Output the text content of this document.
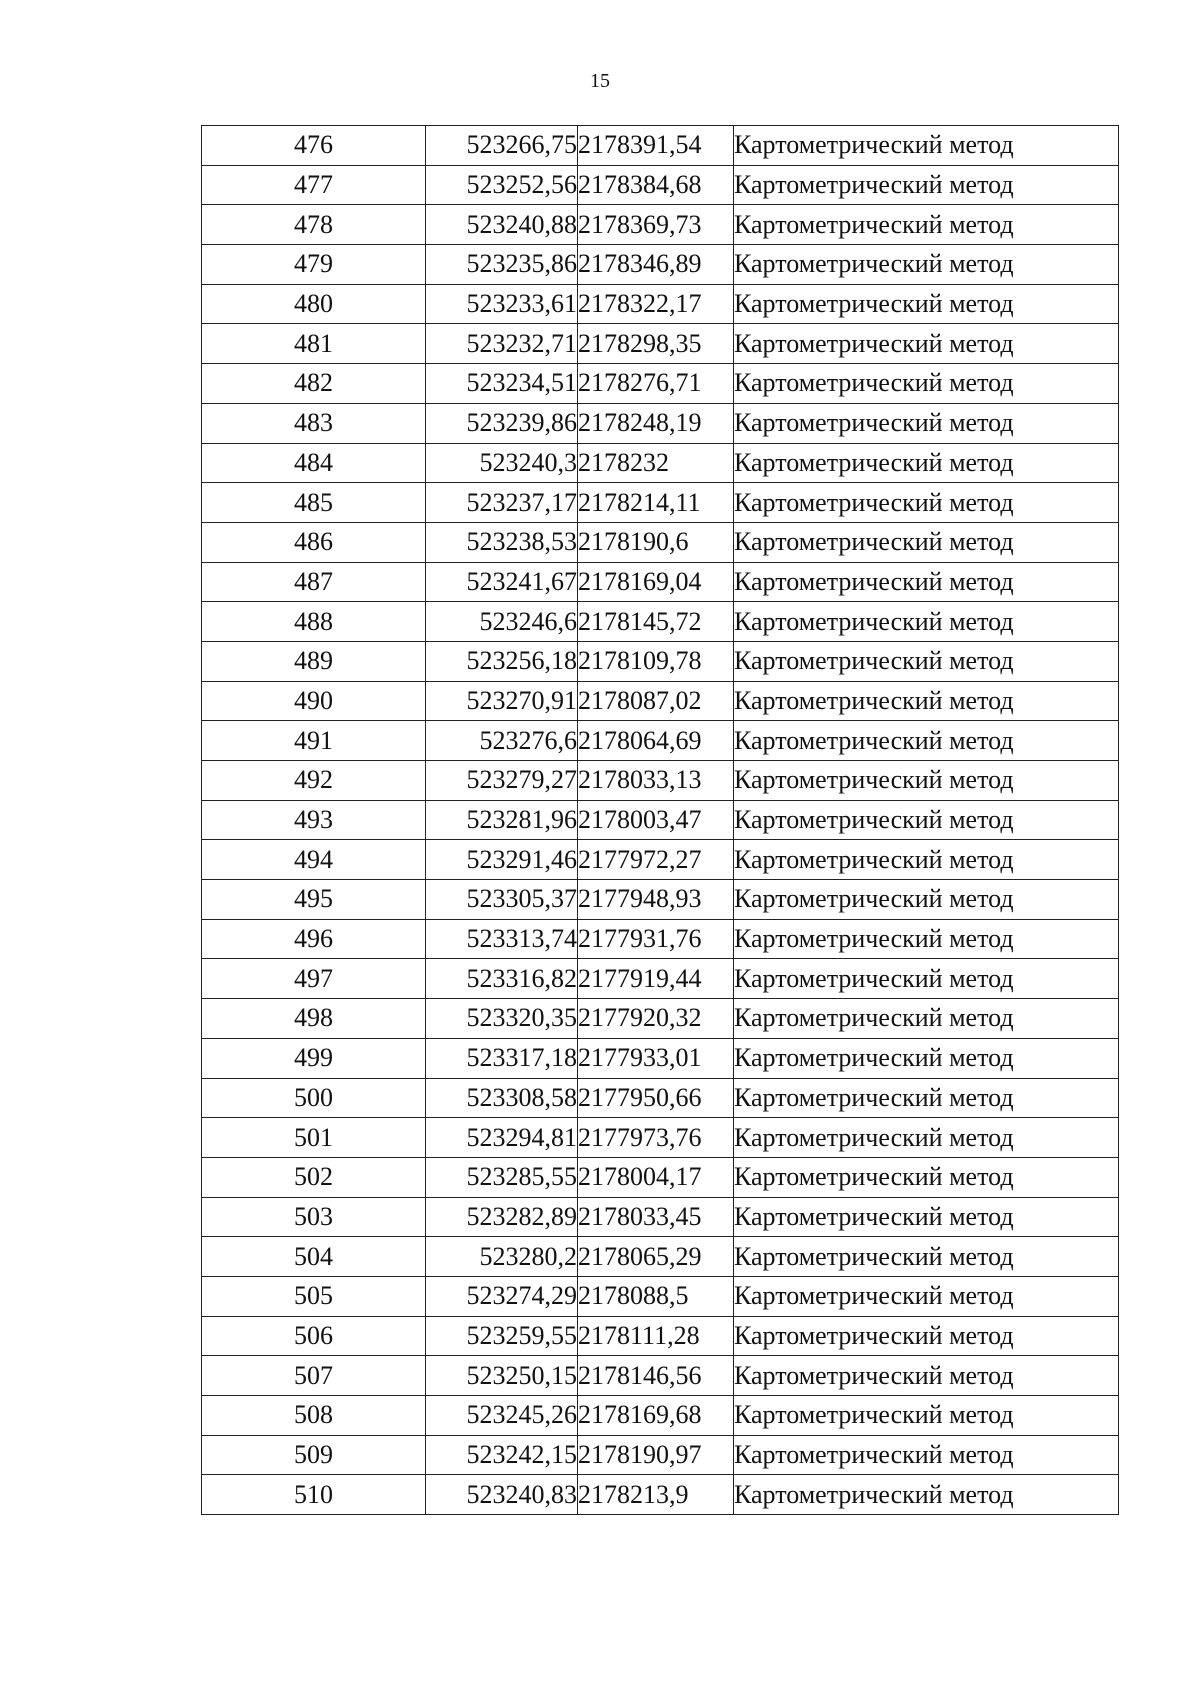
15
476	523266,75	2178391,54	Картометрический метод
477	523252,56	2178384,68	Картометрический метод
478	523240,88	2178369,73	Картометрический метод
479	523235,86	2178346,89	Картометрический метод
480	523233,61	2178322,17	Картометрический метод
481	523232,71	2178298,35	Картометрический метод
482	523234,51	2178276,71	Картометрический метод
483	523239,86	2178248,19	Картометрический метод
484	523240,3	2178232	Картометрический метод
485	523237,17	2178214,11	Картометрический метод
486	523238,53	2178190,6	Картометрический метод
487	523241,67	2178169,04	Картометрический метод
488	523246,6	2178145,72	Картометрический метод
489	523256,18	2178109,78	Картометрический метод
490	523270,91	2178087,02	Картометрический метод
491	523276,6	2178064,69	Картометрический метод
492	523279,27	2178033,13	Картометрический метод
493	523281,96	2178003,47	Картометрический метод
494	523291,46	2177972,27	Картометрический метод
495	523305,37	2177948,93	Картометрический метод
496	523313,74	2177931,76	Картометрический метод
497	523316,82	2177919,44	Картометрический метод
498	523320,35	2177920,32	Картометрический метод
499	523317,18	2177933,01	Картометрический метод
500	523308,58	2177950,66	Картометрический метод
501	523294,81	2177973,76	Картометрический метод
502	523285,55	2178004,17	Картометрический метод
503	523282,89	2178033,45	Картометрический метод
504	523280,2	2178065,29	Картометрический метод
505	523274,29	2178088,5	Картометрический метод
506	523259,55	2178111,28	Картометрический метод
507	523250,15	2178146,56	Картометрический метод
508	523245,26	2178169,68	Картометрический метод
509	523242,15	2178190,97	Картометрический метод
510	523240,83	2178213,9	Картометрический метод
